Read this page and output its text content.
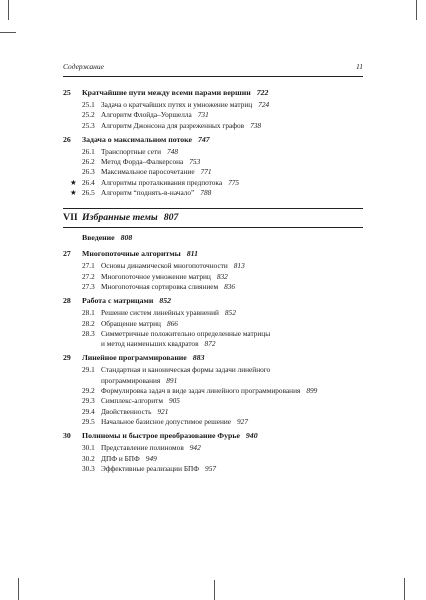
Содержание	11
25 Кратчайшие пути между всеми парами вершин 722
25.1 Задача о кратчайших путях и умножение матриц 724
25.2 Алгоритм Флойда–Уоршелла 731
25.3 Алгоритм Джонсона для разреженных графов 738
26 Задача о максимальном потоке 747
26.1 Транспортные сети 748
26.2 Метод Форда–Фалкерсона 753
26.3 Максимальное паросочетание 771
★ 26.4 Алгоритмы проталкивания предпотока 775
★ 26.5 Алгоритм “поднять-в-начало” 788
VII Избранные темы 807
Введение 808
27 Многопоточные алгоритмы 811
27.1 Основы динамической многопоточности 813
27.2 Многопоточное умножение матриц 832
27.3 Многопоточная сортировка слиянием 836
28 Работа с матрицами 852
28.1 Решение систем линейных уравнений 852
28.2 Обращение матриц 866
28.3 Симметричные положительно определенные матрицы
и метод наименьших квадратов 872
29 Линейное программирование 883
29.1 Стандартная и каноническая формы задачи линейного
программирования 891
29.2 Формулировка задач в виде задач линейного программирования 899
29.3 Симплекс-алгоритм 905
29.4 Двойственность 921
29.5 Начальное базисное допустимое решение 927
30 Полиномы и быстрое преобразование Фурье 940
30.1 Представление полиномов 942
30.2 ДПФ и БПФ 949
30.3 Эффективные реализации БПФ 957
